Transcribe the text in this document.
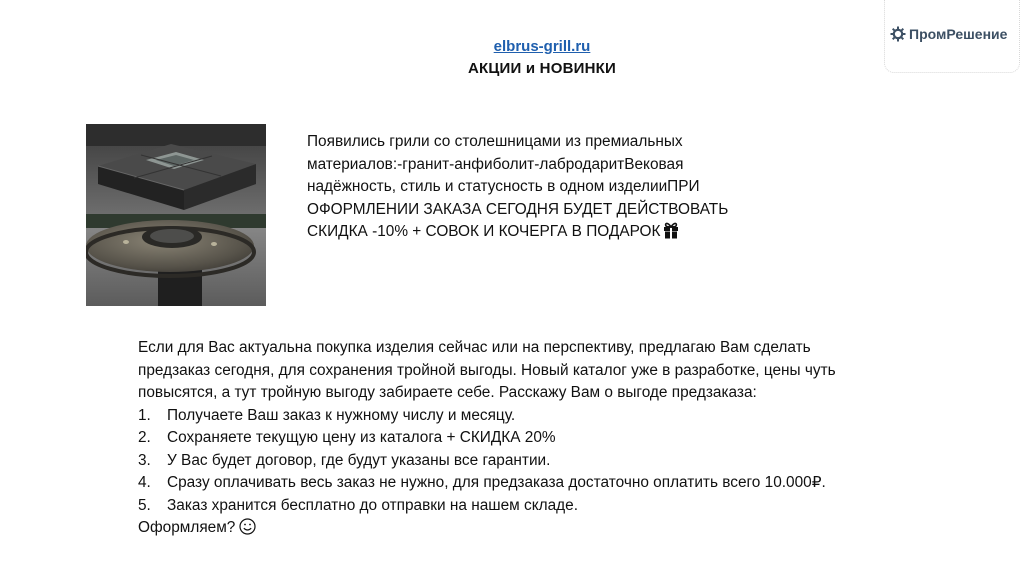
ПромРешение
elbrus-grill.ru
АКЦИИ и НОВИНКИ

Появились грили со столешницами из премиальных

материалов:-гранит-анфиболит-лабродаритВековая

надёжность, стиль и статусность в одном изделииПРИ

ОФОРМЛЕНИИ ЗАКАЗА СЕГОДНЯ БУДЕТ ДЕЙСТВОВАТЬ

СКИДКА -10% + СОВОК И КОЧЕРГА В ПОДАРОК

Если для Вас актуальна покупка изделия сейчас или на перспективу, предлагаю Вам сделать

предзаказ сегодня, для сохранения тройной выгоды. Новый каталог уже в разработке, цены чуть

повысятся, а тут тройную выгоду забираете себе. Расскажу Вам о выгоде предзаказа:

1.	Получаете Ваш заказ к нужному числу и месяцу.
2.	Сохраняете текущую цену из каталога + СКИДКА 20%
3.	У Вас будет договор, где будут указаны все гарантии.
4.	Сразу оплачивать весь заказ не нужно, для предзаказа достаточно оплатить всего 10.000₽.
5.	Заказ хранится бесплатно до отправки на нашем складе.

Оформляем?
